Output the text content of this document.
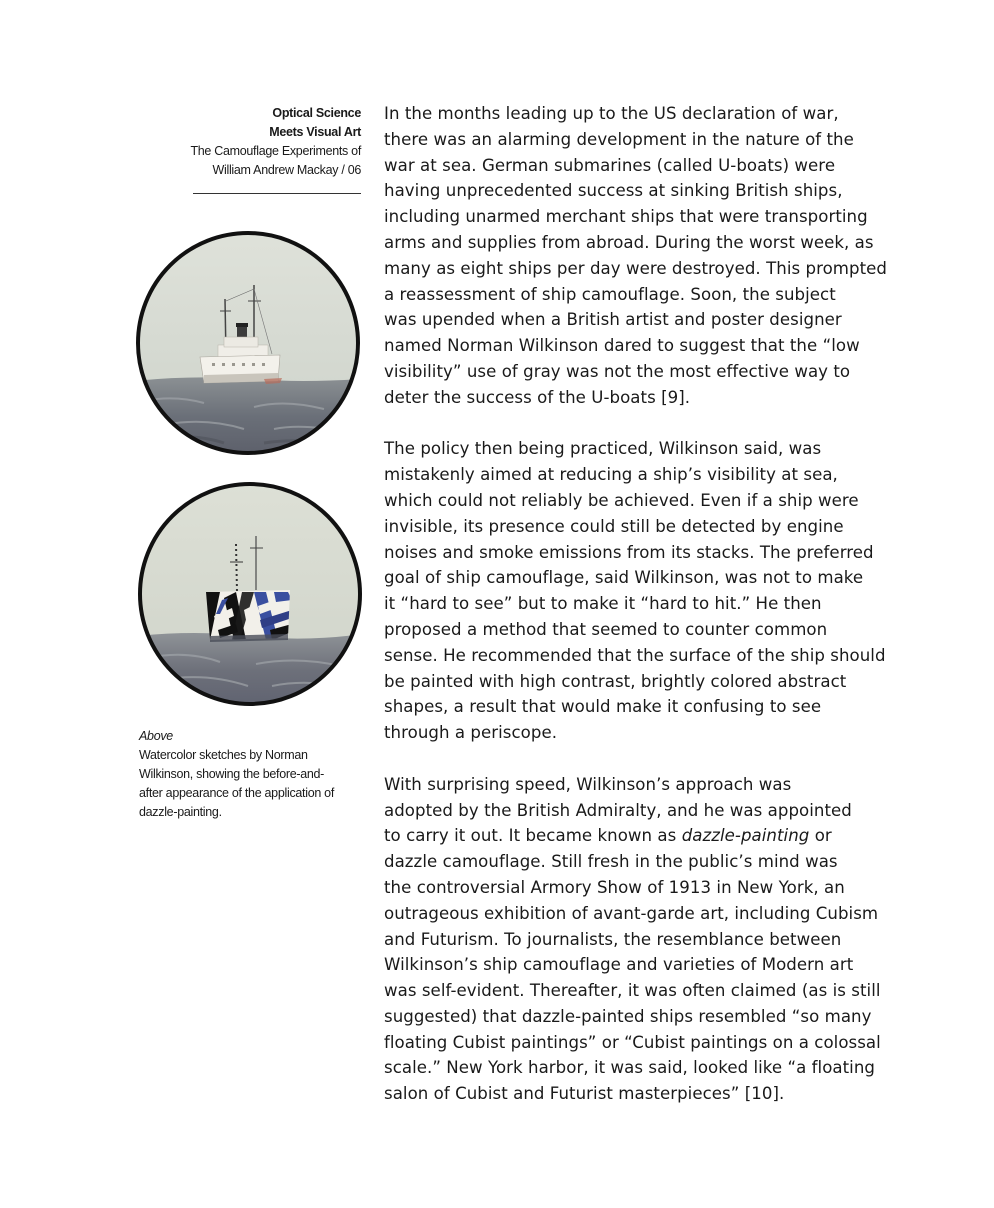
Optical Science
Meets Visual Art
The Camouflage Experiments of
William Andrew Mackay / 06
Above
Watercolor sketches by Norman
Wilkinson, showing the before-and-
after appearance of the application of
dazzle-painting.

In the months leading up to the US declaration of war,
there was an alarming development in the nature of the
war at sea. German submarines (called U-boats) were
having unprecedented success at sinking British ships,
including unarmed merchant ships that were transporting
arms and supplies from abroad. During the worst week, as
many as eight ships per day were destroyed. This prompted
a reassessment of ship camouflage. Soon, the subject
was upended when a British artist and poster designer
named Norman Wilkinson dared to suggest that the “low
visibility” use of gray was not the most effective way to
deter the success of the U-boats [9].

The policy then being practiced, Wilkinson said, was
mistakenly aimed at reducing a ship’s visibility at sea,
which could not reliably be achieved. Even if a ship were
invisible, its presence could still be detected by engine
noises and smoke emissions from its stacks. The preferred
goal of ship camouflage, said Wilkinson, was not to make
it “hard to see” but to make it “hard to hit.” He then
proposed a method that seemed to counter common
sense. He recommended that the surface of the ship should
be painted with high contrast, brightly colored abstract
shapes, a result that would make it confusing to see
through a periscope.

With surprising speed, Wilkinson’s approach was
adopted by the British Admiralty, and he was appointed
to carry it out. It became known as dazzle-painting or
dazzle camouflage. Still fresh in the public’s mind was
the controversial Armory Show of 1913 in New York, an
outrageous exhibition of avant-garde art, including Cubism
and Futurism. To journalists, the resemblance between
Wilkinson’s ship camouflage and varieties of Modern art
was self-evident. Thereafter, it was often claimed (as is still
suggested) that dazzle-painted ships resembled “so many
floating Cubist paintings” or “Cubist paintings on a colossal
scale.” New York harbor, it was said, looked like “a floating
salon of Cubist and Futurist masterpieces” [10].
